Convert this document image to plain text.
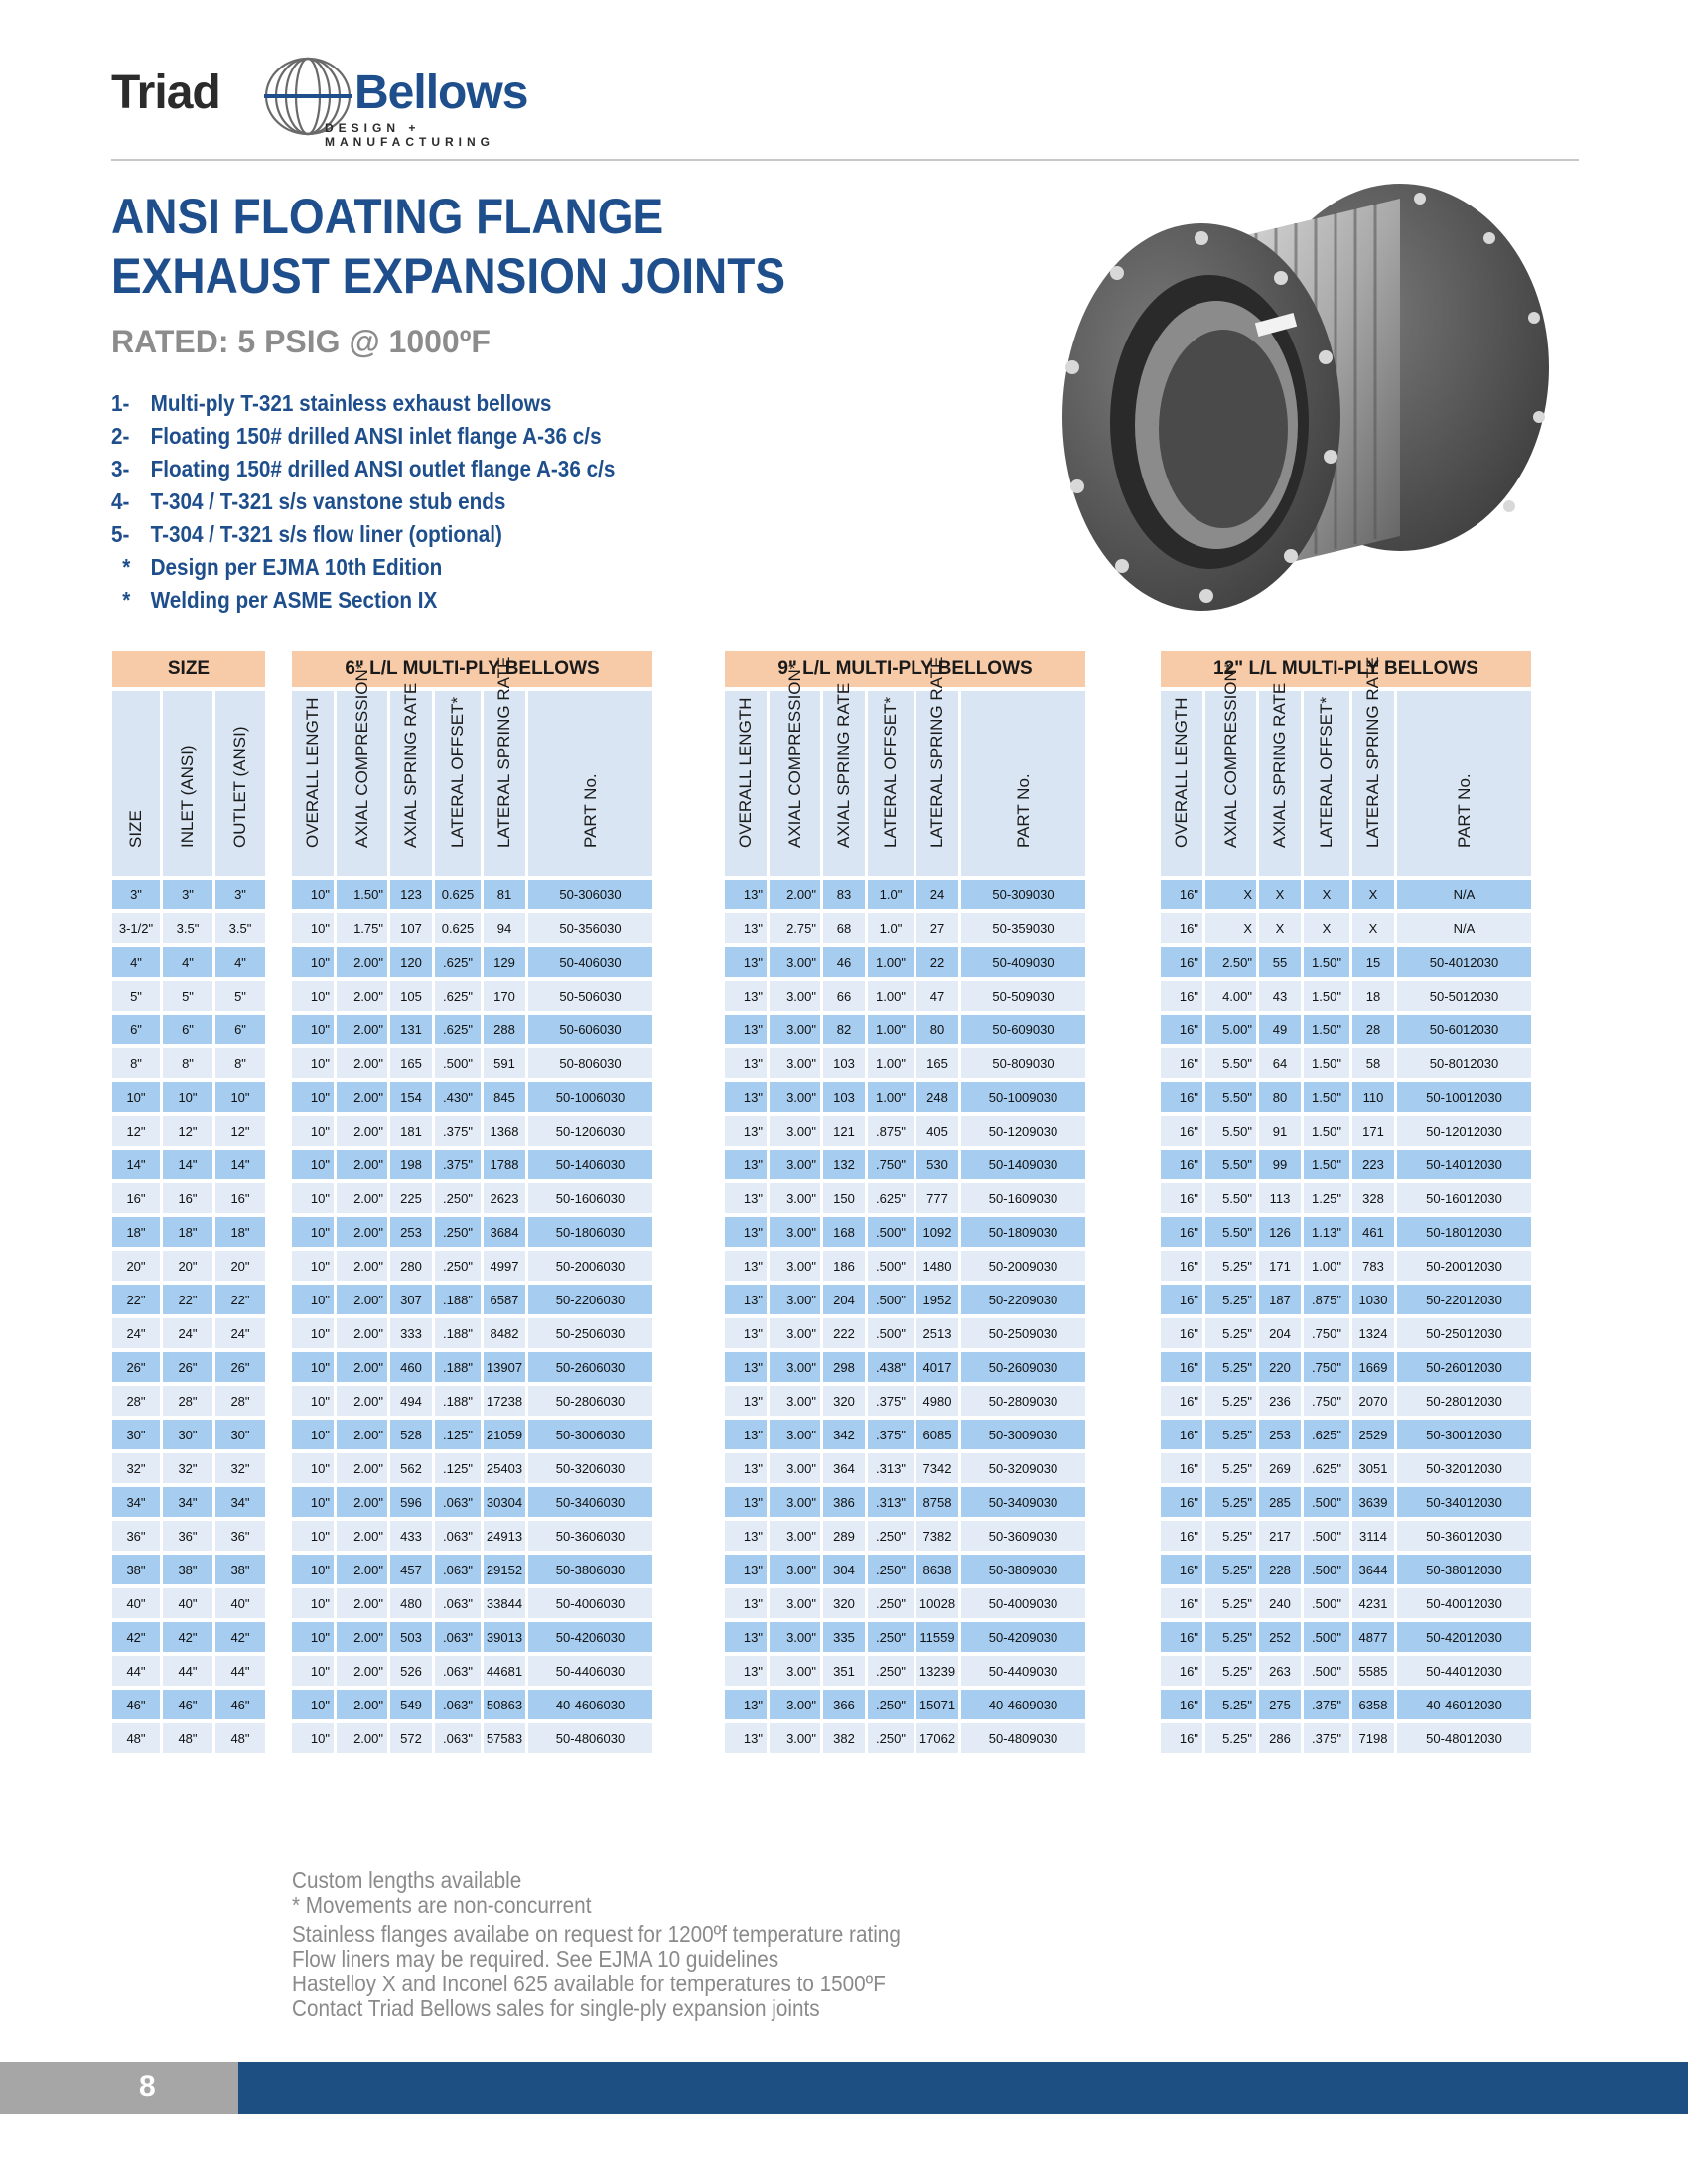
Triad	Bellows
DESIGN + MANUFACTURING
ANSI FLOATING FLANGE
EXHAUST EXPANSION JOINTS
RATED: 5 PSIG @ 1000ºF
1- Multi-ply T-321 stainless exhaust bellows
2- Floating 150# drilled ANSI inlet flange A-36 c/s
3- Floating 150# drilled ANSI outlet flange A-36 c/s
4- T-304 / T-321 s/s vanstone stub ends
5- T-304 / T-321 s/s flow liner (optional)
* Design per EJMA 10th Edition
* Welding per ASME Section IX
SIZE		

SIZE	INLET (ANSI)	OUTLET (ANSI)

3"	3"	3"
3-1/2"	3.5"	3.5"
4"	4"	4"
5"	5"	5"
6"	6"	6"
8"	8"	8"
10"	10"	10"
12"	12"	12"
14"	14"	14"
16"	16"	16"
18"	18"	18"
20"	20"	20"
22"	22"	22"
24"	24"	24"
26"	26"	26"
28"	28"	28"
30"	30"	30"
32"	32"	32"
34"	34"	34"
36"	36"	36"
38"	38"	38"
40"	40"	40"
42"	42"	42"
44"	44"	44"
46"	46"	46"
48"	48"	48"
6" L/L MULTI-PLY BELLOWS					

OVERALL LENGTH	AXIAL COMPRESSION*	AXIAL SPRING RATE	LATERAL OFFSET*	LATERAL SPRING RATE	PART No.

10"	1.50"	123	0.625	81	50-306030
10"	1.75"	107	0.625	94	50-356030
10"	2.00"	120	.625"	129	50-406030
10"	2.00"	105	.625"	170	50-506030
10"	2.00"	131	.625"	288	50-606030
10"	2.00"	165	.500"	591	50-806030
10"	2.00"	154	.430"	845	50-1006030
10"	2.00"	181	.375"	1368	50-1206030
10"	2.00"	198	.375"	1788	50-1406030
10"	2.00"	225	.250"	2623	50-1606030
10"	2.00"	253	.250"	3684	50-1806030
10"	2.00"	280	.250"	4997	50-2006030
10"	2.00"	307	.188"	6587	50-2206030
10"	2.00"	333	.188"	8482	50-2506030
10"	2.00"	460	.188"	13907	50-2606030
10"	2.00"	494	.188"	17238	50-2806030
10"	2.00"	528	.125"	21059	50-3006030
10"	2.00"	562	.125"	25403	50-3206030
10"	2.00"	596	.063"	30304	50-3406030
10"	2.00"	433	.063"	24913	50-3606030
10"	2.00"	457	.063"	29152	50-3806030
10"	2.00"	480	.063"	33844	50-4006030
10"	2.00"	503	.063"	39013	50-4206030
10"	2.00"	526	.063"	44681	50-4406030
10"	2.00"	549	.063"	50863	40-4606030
10"	2.00"	572	.063"	57583	50-4806030
9" L/L MULTI-PLY BELLOWS					

OVERALL LENGTH	AXIAL COMPRESSION*	AXIAL SPRING RATE	LATERAL OFFSET*	LATERAL SPRING RATE	PART No.

13"	2.00"	83	1.0"	24	50-309030
13"	2.75"	68	1.0"	27	50-359030
13"	3.00"	46	1.00"	22	50-409030
13"	3.00"	66	1.00"	47	50-509030
13"	3.00"	82	1.00"	80	50-609030
13"	3.00"	103	1.00"	165	50-809030
13"	3.00"	103	1.00"	248	50-1009030
13"	3.00"	121	.875"	405	50-1209030
13"	3.00"	132	.750"	530	50-1409030
13"	3.00"	150	.625"	777	50-1609030
13"	3.00"	168	.500"	1092	50-1809030
13"	3.00"	186	.500"	1480	50-2009030
13"	3.00"	204	.500"	1952	50-2209030
13"	3.00"	222	.500"	2513	50-2509030
13"	3.00"	298	.438"	4017	50-2609030
13"	3.00"	320	.375"	4980	50-2809030
13"	3.00"	342	.375"	6085	50-3009030
13"	3.00"	364	.313"	7342	50-3209030
13"	3.00"	386	.313"	8758	50-3409030
13"	3.00"	289	.250"	7382	50-3609030
13"	3.00"	304	.250"	8638	50-3809030
13"	3.00"	320	.250"	10028	50-4009030
13"	3.00"	335	.250"	11559	50-4209030
13"	3.00"	351	.250"	13239	50-4409030
13"	3.00"	366	.250"	15071	40-4609030
13"	3.00"	382	.250"	17062	50-4809030
12" L/L MULTI-PLY BELLOWS					

OVERALL LENGTH	AXIAL COMPRESSION*	AXIAL SPRING RATE	LATERAL OFFSET*	LATERAL SPRING RATE	PART No.

16"	X	X	X	X	N/A
16"	X	X	X	X	N/A
16"	2.50"	55	1.50"	15	50-4012030
16"	4.00"	43	1.50"	18	50-5012030
16"	5.00"	49	1.50"	28	50-6012030
16"	5.50"	64	1.50"	58	50-8012030
16"	5.50"	80	1.50"	110	50-10012030
16"	5.50"	91	1.50"	171	50-12012030
16"	5.50"	99	1.50"	223	50-14012030
16"	5.50"	113	1.25"	328	50-16012030
16"	5.50"	126	1.13"	461	50-18012030
16"	5.25"	171	1.00"	783	50-20012030
16"	5.25"	187	.875"	1030	50-22012030
16"	5.25"	204	.750"	1324	50-25012030
16"	5.25"	220	.750"	1669	50-26012030
16"	5.25"	236	.750"	2070	50-28012030
16"	5.25"	253	.625"	2529	50-30012030
16"	5.25"	269	.625"	3051	50-32012030
16"	5.25"	285	.500"	3639	50-34012030
16"	5.25"	217	.500"	3114	50-36012030
16"	5.25"	228	.500"	3644	50-38012030
16"	5.25"	240	.500"	4231	50-40012030
16"	5.25"	252	.500"	4877	50-42012030
16"	5.25"	263	.500"	5585	50-44012030
16"	5.25"	275	.375"	6358	40-46012030
16"	5.25"	286	.375"	7198	50-48012030
Custom lengths available
* Movements are non-concurrent
Stainless flanges availabe on request for 1200ºf temperature rating
Flow liners may be required. See EJMA 10 guidelines
Hastelloy X and Inconel 625 available for temperatures to 1500ºF
Contact Triad Bellows sales for single-ply expansion joints
8
